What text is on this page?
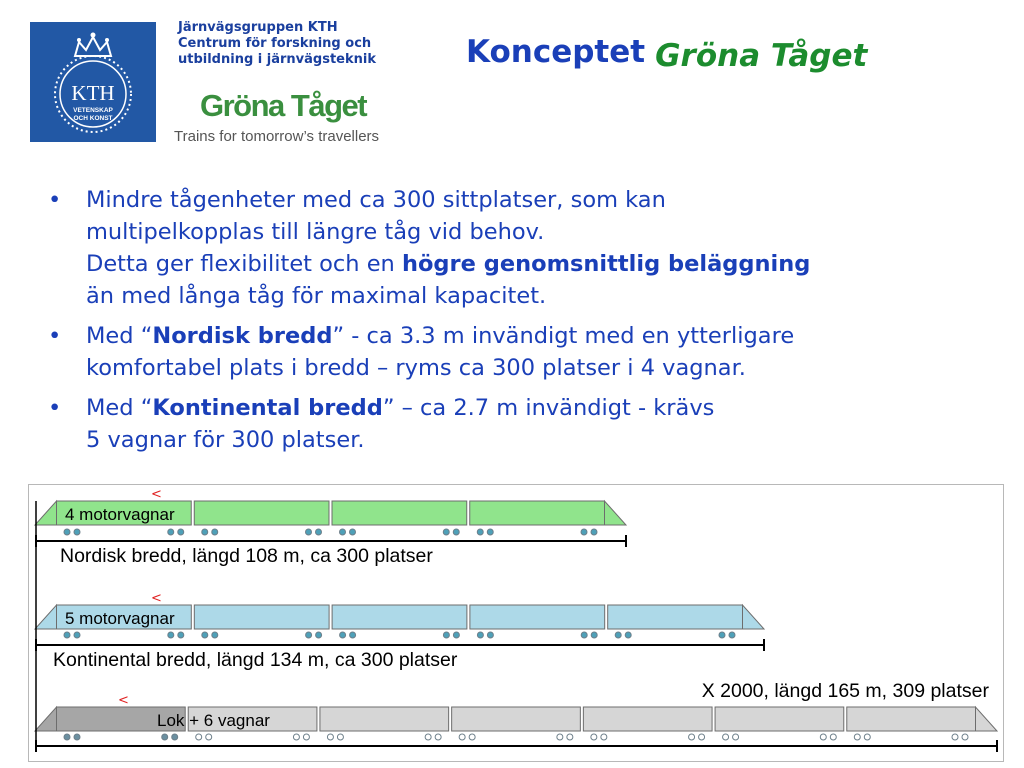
KTH
VETENSKAP
OCH KONST
Järnvägsgruppen KTH
Centrum för forskning och
utbildning i järnvägsteknik
Gröna Tåget
Trains for tomorrow’s travellers
Konceptet Gröna Tåget
• Mindre tågenheter med ca 300 sittplatser, som kan
multipelkopplas till längre tåg vid behov.
Detta ger flexibilitet och en högre genomsnittlig beläggning
än med långa tåg för maximal kapacitet.
• Med “Nordisk bredd” - ca 3.3 m invändigt med en ytterligare
komfortabel plats i bredd – ryms ca 300 platser i 4 vagnar.
• Med “Kontinental bredd” – ca 2.7 m invändigt - krävs
5 vagnar för 300 platser.
4 motorvagnar
Nordisk bredd, längd 108 m, ca 300 platser
<
5 motorvagnar
Kontinental bredd, längd 134 m, ca 300 platser
<
Lok + 6 vagnar
X 2000, längd 165 m, 309 platser
<
